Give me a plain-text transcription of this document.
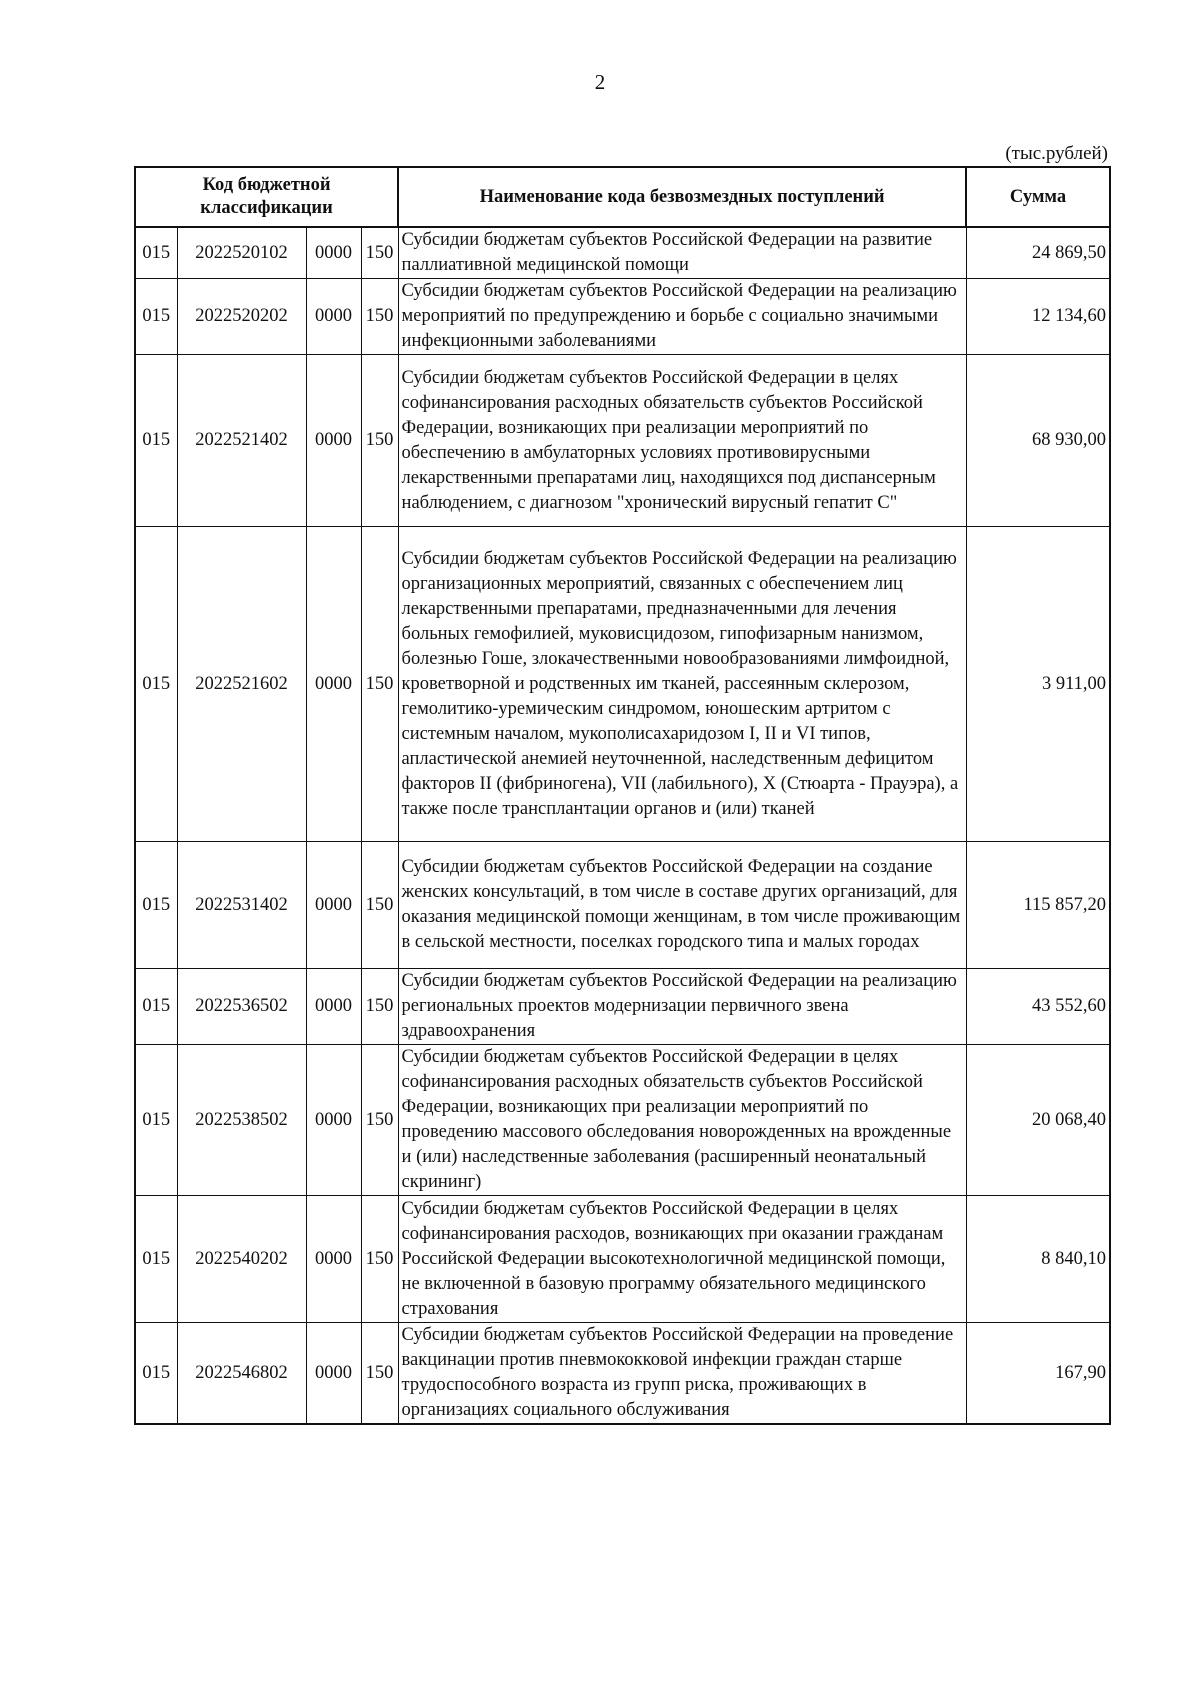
2
(тыс.рублей)
Код бюджетной классификации				Наименование кода безвозмездных поступлений	Сумма
015	2022520102	0000	150	Субсидии бюджетам субъектов Российской Федерации на развитие паллиативной медицинской помощи	24 869,50
015	2022520202	0000	150	Субсидии бюджетам субъектов Российской Федерации на реализацию мероприятий по предупреждению и борьбе с социально значимыми инфекционными заболеваниями	12 134,60
015	2022521402	0000	150	Субсидии бюджетам субъектов Российской Федерации в целях софинансирования расходных обязательств субъектов Российской Федерации, возникающих при реализации мероприятий по обеспечению в амбулаторных условиях противовирусными лекарственными препаратами лиц, находящихся под диспансерным наблюдением, с диагнозом "хронический вирусный гепатит С"	68 930,00
015	2022521602	0000	150	Субсидии бюджетам субъектов Российской Федерации на реализацию организационных мероприятий, связанных с обеспечением лиц лекарственными препаратами, предназначенными для лечения больных гемофилией, муковисцидозом, гипофизарным нанизмом, болезнью Гоше, злокачественными новообразованиями лимфоидной, кроветворной и родственных им тканей, рассеянным склерозом, гемолитико-уремическим синдромом, юношеским артритом с системным началом, мукополисахаридозом I, II и VI типов, апластической анемией неуточненной, наследственным дефицитом факторов II (фибриногена), VII (лабильного), X (Стюарта - Прауэра), а также после трансплантации органов и (или) тканей	3 911,00
015	2022531402	0000	150	Субсидии бюджетам субъектов Российской Федерации на создание женских консультаций, в том числе в составе других организаций, для оказания медицинской помощи женщинам, в том числе проживающим в сельской местности, поселках городского типа и малых городах	115 857,20
015	2022536502	0000	150	Субсидии бюджетам субъектов Российской Федерации на реализацию региональных проектов модернизации первичного звена здравоохранения	43 552,60
015	2022538502	0000	150	Субсидии бюджетам субъектов Российской Федерации в целях софинансирования расходных обязательств субъектов Российской Федерации, возникающих при реализации мероприятий по проведению массового обследования новорожденных на врожденные и (или) наследственные заболевания (расширенный неонатальный скрининг)	20 068,40
015	2022540202	0000	150	Субсидии бюджетам субъектов Российской Федерации в целях софинансирования расходов, возникающих при оказании гражданам Российской Федерации высокотехнологичной медицинской помощи, не включенной в базовую программу обязательного медицинского страхования	8 840,10
015	2022546802	0000	150	Субсидии бюджетам субъектов Российской Федерации на проведение вакцинации против пневмококковой инфекции граждан старше трудоспособного возраста из групп риска, проживающих в организациях социального обслуживания	167,90
